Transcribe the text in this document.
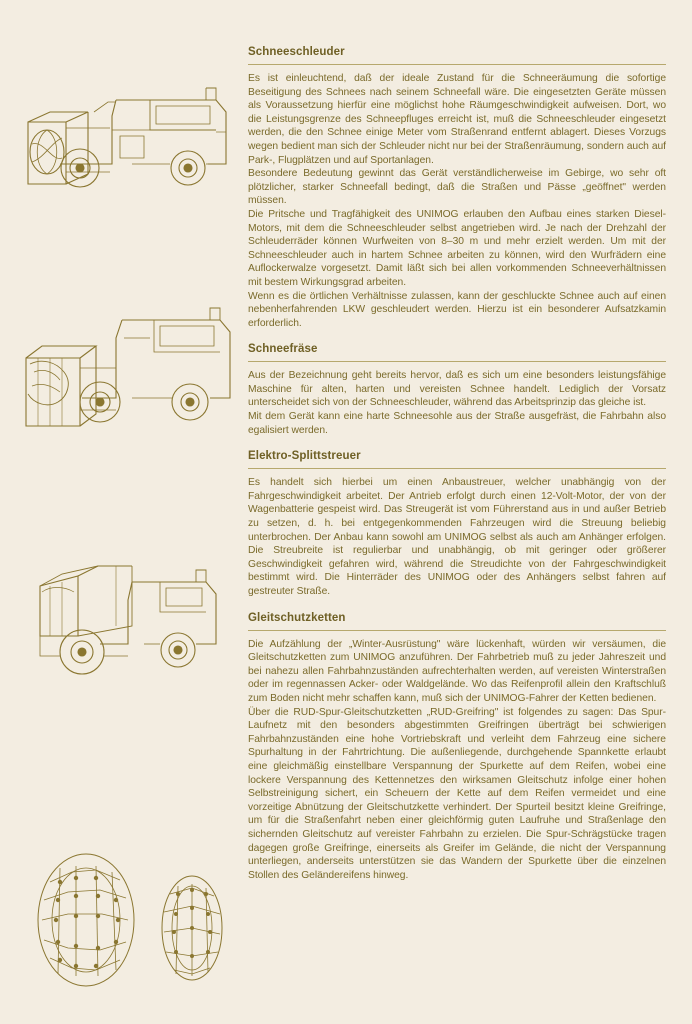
Schneeschleuder

Es ist einleuchtend, daß der ideale Zustand für die Schneeräumung die sofortige Beseitigung des Schnees nach seinem Schneefall wäre. Die eingesetzten Geräte müssen als Voraussetzung hierfür eine möglichst hohe Räumgeschwindigkeit aufweisen. Dort, wo die Leistungsgrenze des Schneepfluges erreicht ist, muß die Schneeschleuder eingesetzt werden, die den Schnee einige Meter vom Straßenrand entfernt ablagert. Dieses Vorzugs wegen bedient man sich der Schleuder nicht nur bei der Straßenräumung, sondern auch auf Park-, Flugplätzen und auf Sportanlagen.

Besondere Bedeutung gewinnt das Gerät verständlicherweise im Gebirge, wo sehr oft plötzlicher, starker Schneefall bedingt, daß die Straßen und Pässe „geöffnet" werden müssen.

Die Pritsche und Tragfähigkeit des UNIMOG erlauben den Aufbau eines starken Diesel-Motors, mit dem die Schneeschleuder selbst angetrieben wird. Je nach der Drehzahl der Schleuderräder können Wurfweiten von 8–30 m und mehr erzielt werden. Um mit der Schneeschleuder auch in hartem Schnee arbeiten zu können, wird den Wurfrädern eine Auflockerwalze vorgesetzt. Damit läßt sich bei allen vorkommenden Schneeverhältnissen mit bestem Wirkungsgrad arbeiten.

Wenn es die örtlichen Verhältnisse zulassen, kann der geschluckte Schnee auch auf einen nebenherfahrenden LKW geschleudert werden. Hierzu ist ein besonderer Aufsatzkamin erforderlich.

Schneefräse

Aus der Bezeichnung geht bereits hervor, daß es sich um eine besonders leistungsfähige Maschine für alten, harten und vereisten Schnee handelt. Lediglich der Vorsatz unterscheidet sich von der Schneeschleuder, während das Arbeitsprinzip das gleiche ist.

Mit dem Gerät kann eine harte Schneesohle aus der Straße ausgefräst, die Fahrbahn also egalisiert werden.

Elektro-Splittstreuer

Es handelt sich hierbei um einen Anbaustreuer, welcher unabhängig von der Fahrgeschwindigkeit arbeitet. Der Antrieb erfolgt durch einen 12-Volt-Motor, der von der Wagenbatterie gespeist wird. Das Streugerät ist vom Führerstand aus in und außer Betrieb zu setzen, d. h. bei entgegenkommenden Fahrzeugen wird die Streuung beliebig unterbrochen. Der Anbau kann sowohl am UNIMOG selbst als auch am Anhänger erfolgen. Die Streubreite ist regulierbar und unabhängig, ob mit geringer oder größerer Geschwindigkeit gefahren wird, während die Streudichte von der Fahrgeschwindigkeit bestimmt wird. Die Hinterräder des UNIMOG oder des Anhängers selbst fahren auf gestreuter Straße.

Gleitschutzketten

Die Aufzählung der „Winter-Ausrüstung" wäre lückenhaft, würden wir versäumen, die Gleitschutzketten zum UNIMOG anzuführen. Der Fahrbetrieb muß zu jeder Jahreszeit und bei nahezu allen Fahrbahnzuständen aufrechterhalten werden, auf vereisten Winterstraßen oder im regennassen Acker- oder Waldgelände. Wo das Reifenprofil allein den Kraftschluß zum Boden nicht mehr schaffen kann, muß sich der UNIMOG-Fahrer der Ketten bedienen.

Über die RUD-Spur-Gleitschutzketten „RUD-Greifring" ist folgendes zu sagen: Das Spur-Laufnetz mit den besonders abgestimmten Greifringen überträgt bei schwierigen Fahrbahnzuständen eine hohe Vortriebskraft und verleiht dem Fahrzeug eine sichere Spurhaltung in der Fahrtrichtung. Die außenliegende, durchgehende Spannkette erlaubt eine gleichmäßig einstellbare Verspannung der Spurkette auf dem Reifen, wobei eine lockere Verspannung des Kettennetzes den wirksamen Gleitschutz infolge einer hohen Selbstreinigung sichert, ein Scheuern der Kette auf dem Reifen vermeidet und eine vorzeitige Abnützung der Gleitschutzkette verhindert. Der Spurteil besitzt kleine Greifringe, um für die Straßenfahrt neben einer gleichförmig guten Laufruhe und Straßenlage den sichernden Gleitschutz auf vereister Fahrbahn zu erzielen. Die Spur-Schrägstücke tragen dagegen große Greifringe, einerseits als Greifer im Gelände, die nicht der Verspannung unterliegen, anderseits unterstützen sie das Wandern der Spurkette über die einzelnen Stollen des Geländereifens hinweg.
